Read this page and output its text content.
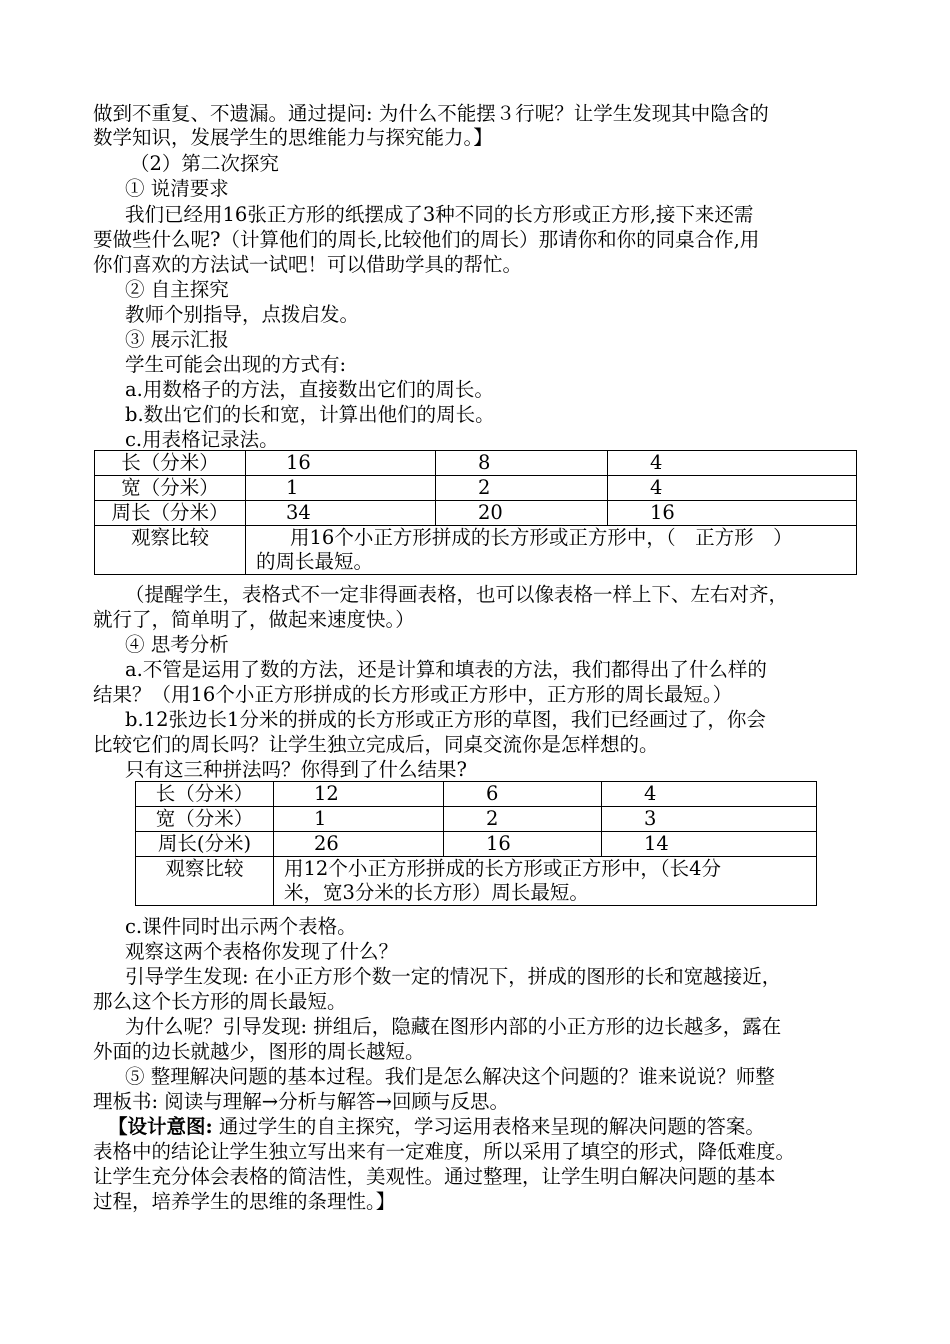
做到不重复、不遗漏。通过提问: 为什么不能摆３行呢？让学生发现其中隐含的
数学知识，发展学生的思维能力与探究能力。】
（2）第二次探究
① 说清要求
我们已经用16张正方形的纸摆成了3种不同的长方形或正方形,接下来还需
要做些什么呢?（计算他们的周长,比较他们的周长）那请你和你的同桌合作,用
你们喜欢的方法试一试吧！可以借助学具的帮忙。
② 自主探究
教师个别指导，点拨启发。
③ 展示汇报
学生可能会出现的方式有:
a.用数格子的方法，直接数出它们的周长。
b.数出它们的长和宽，计算出他们的周长。
c.用表格记录法。
长（分米）	16	8	4
宽（分米）	1	2	4
周长（分米）	34	20	16
观察比较	用16个小正方形拼成的长方形或正方形中，（　正方形　）
的周长最短。		
（提醒学生，表格式不一定非得画表格，也可以像表格一样上下、左右对齐，
就行了，简单明了，做起来速度快。）
④ 思考分析
a.不管是运用了数的方法，还是计算和填表的方法，我们都得出了什么样的
结果？（用16个小正方形拼成的长方形或正方形中，正方形的周长最短。）
b.12张边长1分米的拼成的长方形或正方形的草图，我们已经画过了，你会
比较它们的周长吗？让学生独立完成后，同桌交流你是怎样想的。
只有这三种拼法吗？你得到了什么结果?
长（分米）	12	6	4
宽（分米）	1	2	3
周长(分米)	26	16	14
观察比较	用12个小正方形拼成的长方形或正方形中，（长4分
米，宽3分米的长方形）周长最短。		
c.课件同时出示两个表格。
观察这两个表格你发现了什么？
引导学生发现: 在小正方形个数一定的情况下，拼成的图形的长和宽越接近，
那么这个长方形的周长最短。
为什么呢？引导发现: 拼组后，隐藏在图形内部的小正方形的边长越多，露在
外面的边长就越少，图形的周长越短。
⑤ 整理解决问题的基本过程。我们是怎么解决这个问题的？谁来说说？师整
理板书: 阅读与理解→分析与解答→回顾与反思。
【设计意图: 通过学生的自主探究，学习运用表格来呈现的解决问题的答案。
表格中的结论让学生独立写出来有一定难度，所以采用了填空的形式，降低难度。
让学生充分体会表格的简洁性，美观性。通过整理，让学生明白解决问题的基本
过程，培养学生的思维的条理性。】
